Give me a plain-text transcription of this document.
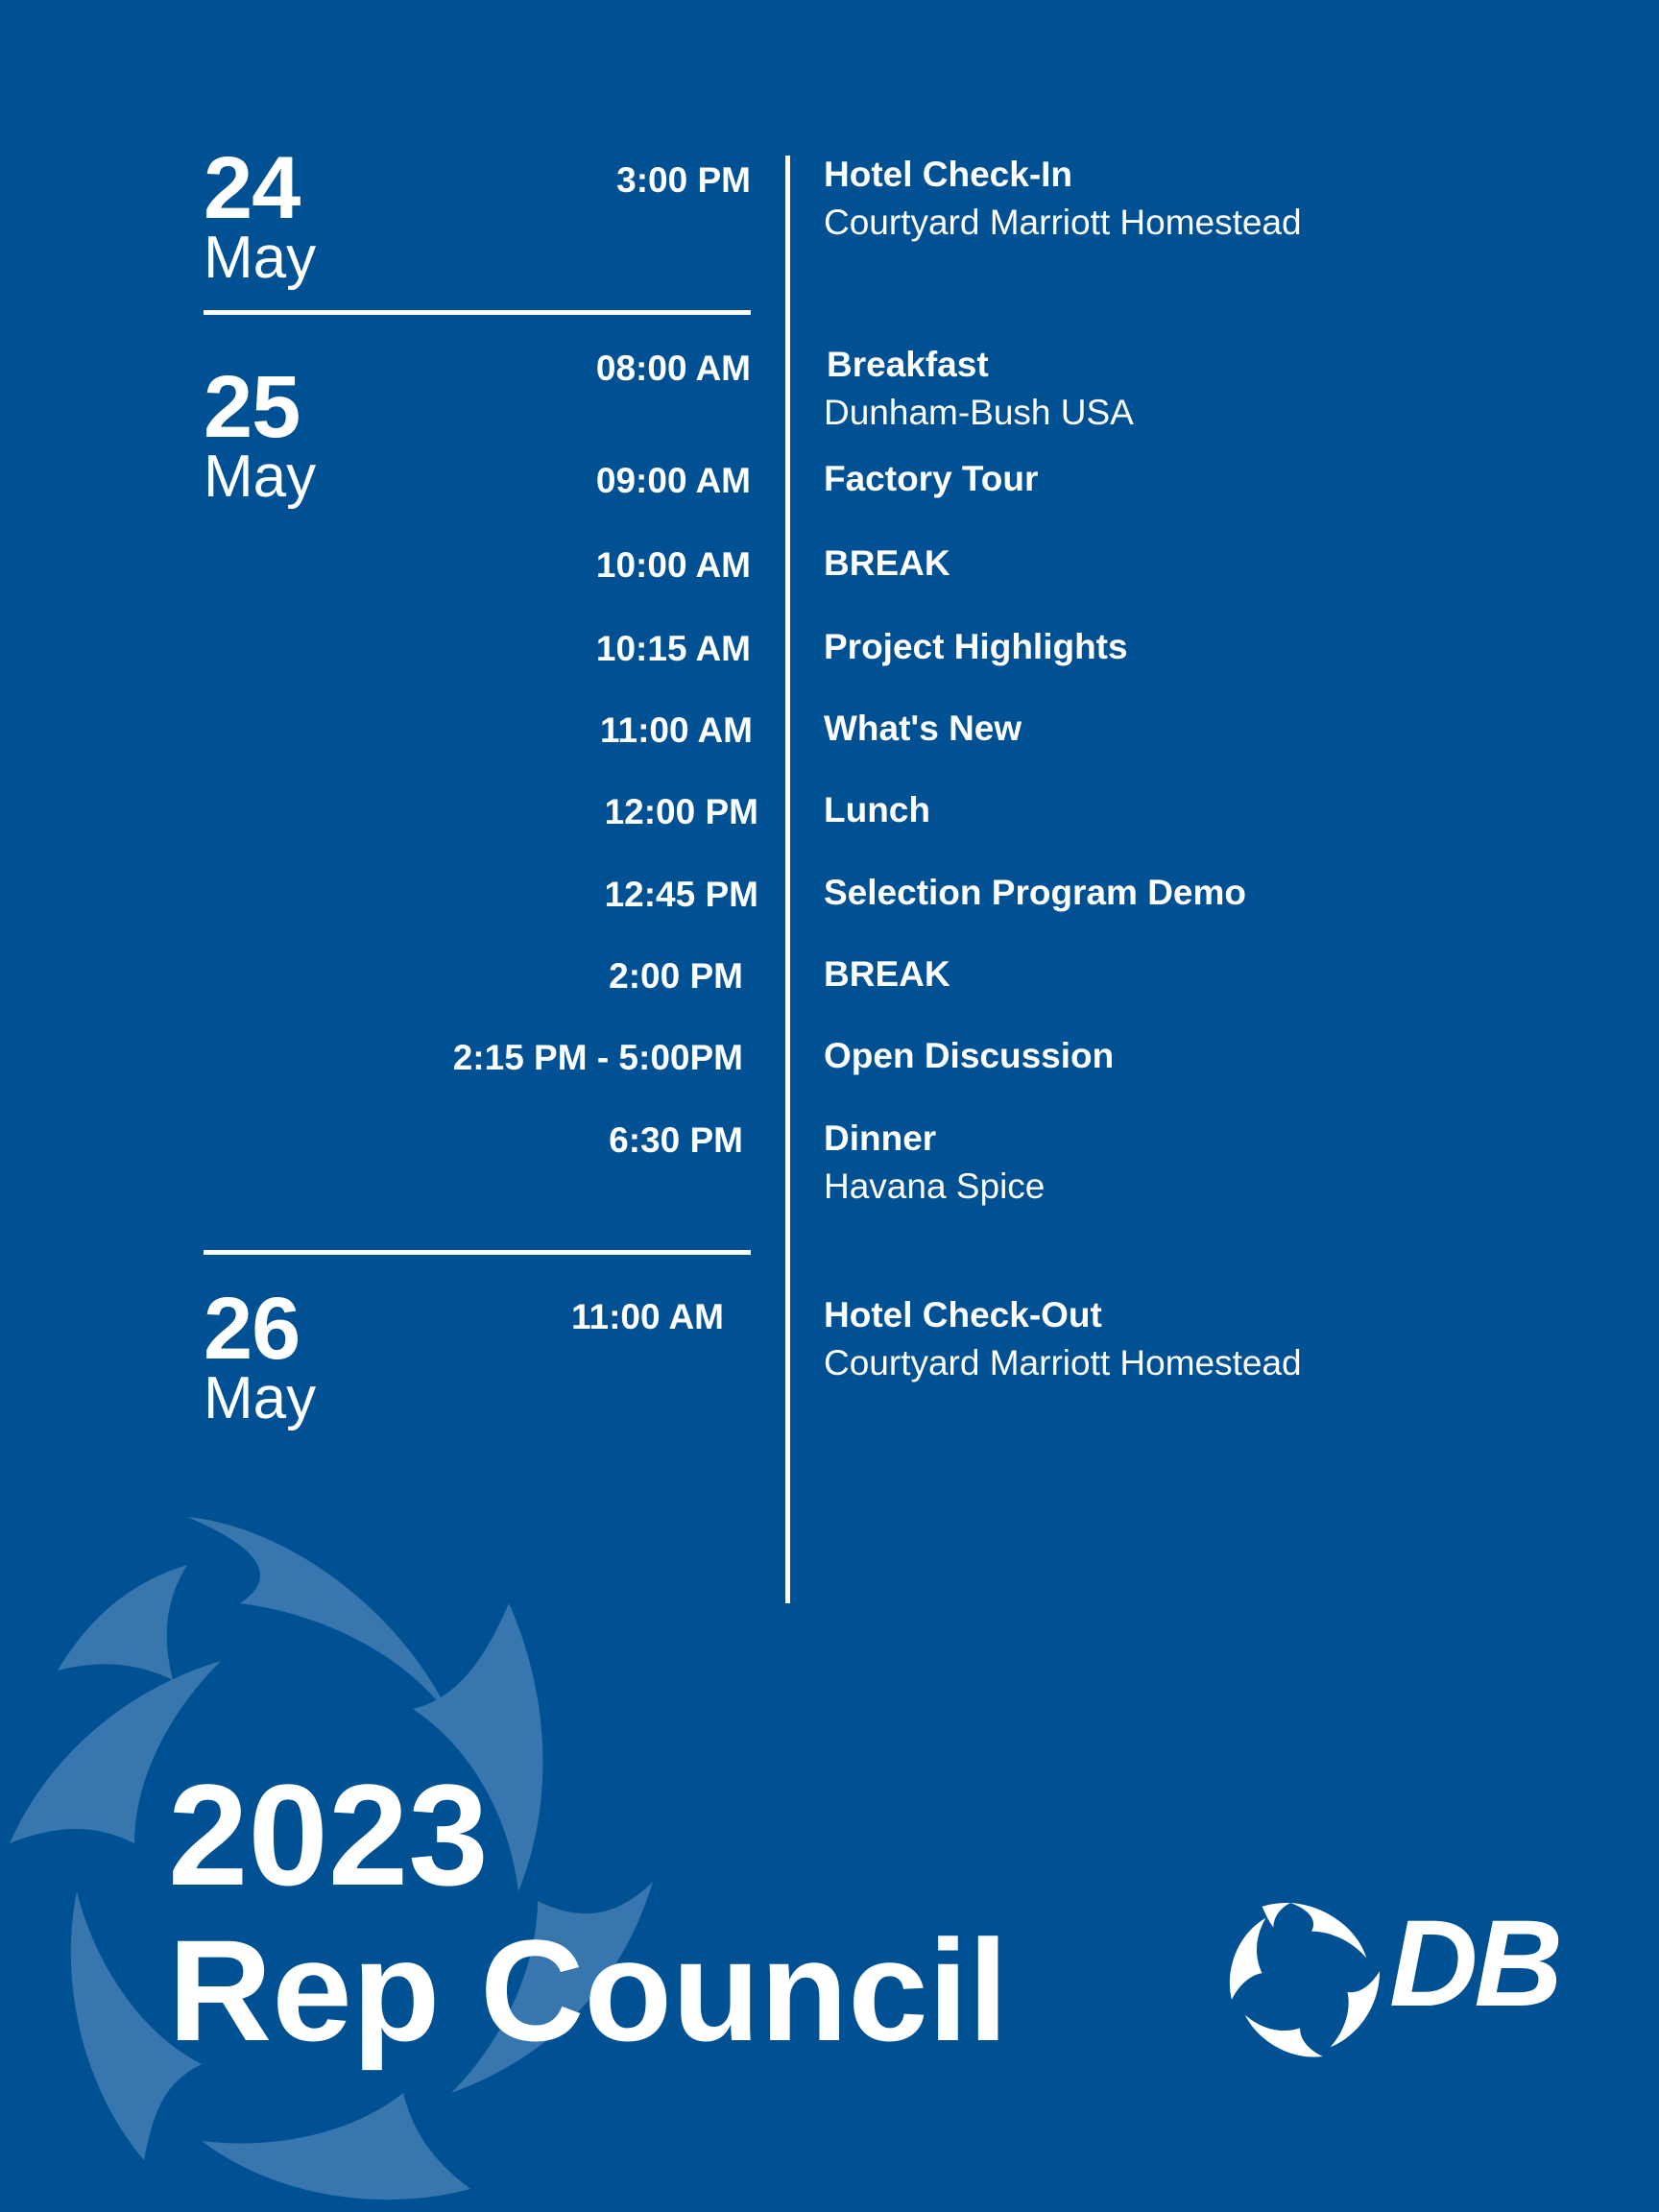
24
May
3:00 PM Hotel Check-In
Courtyard Marriott Homestead
25
May
08:00 AM Breakfast
Dunham-Bush USA
09:00 AM Factory Tour
10:00 AM BREAK
10:15 AM Project Highlights
11:00 AM What's New
12:00 PM Lunch
12:45 PM Selection Program Demo
2:00 PM BREAK
2:15 PM - 5:00PM Open Discussion
6:30 PM Dinner
Havana Spice
26
May
11:00 AM	Hotel Check-Out
Courtyard Marriott Homestead
2023
Rep Council	DB
